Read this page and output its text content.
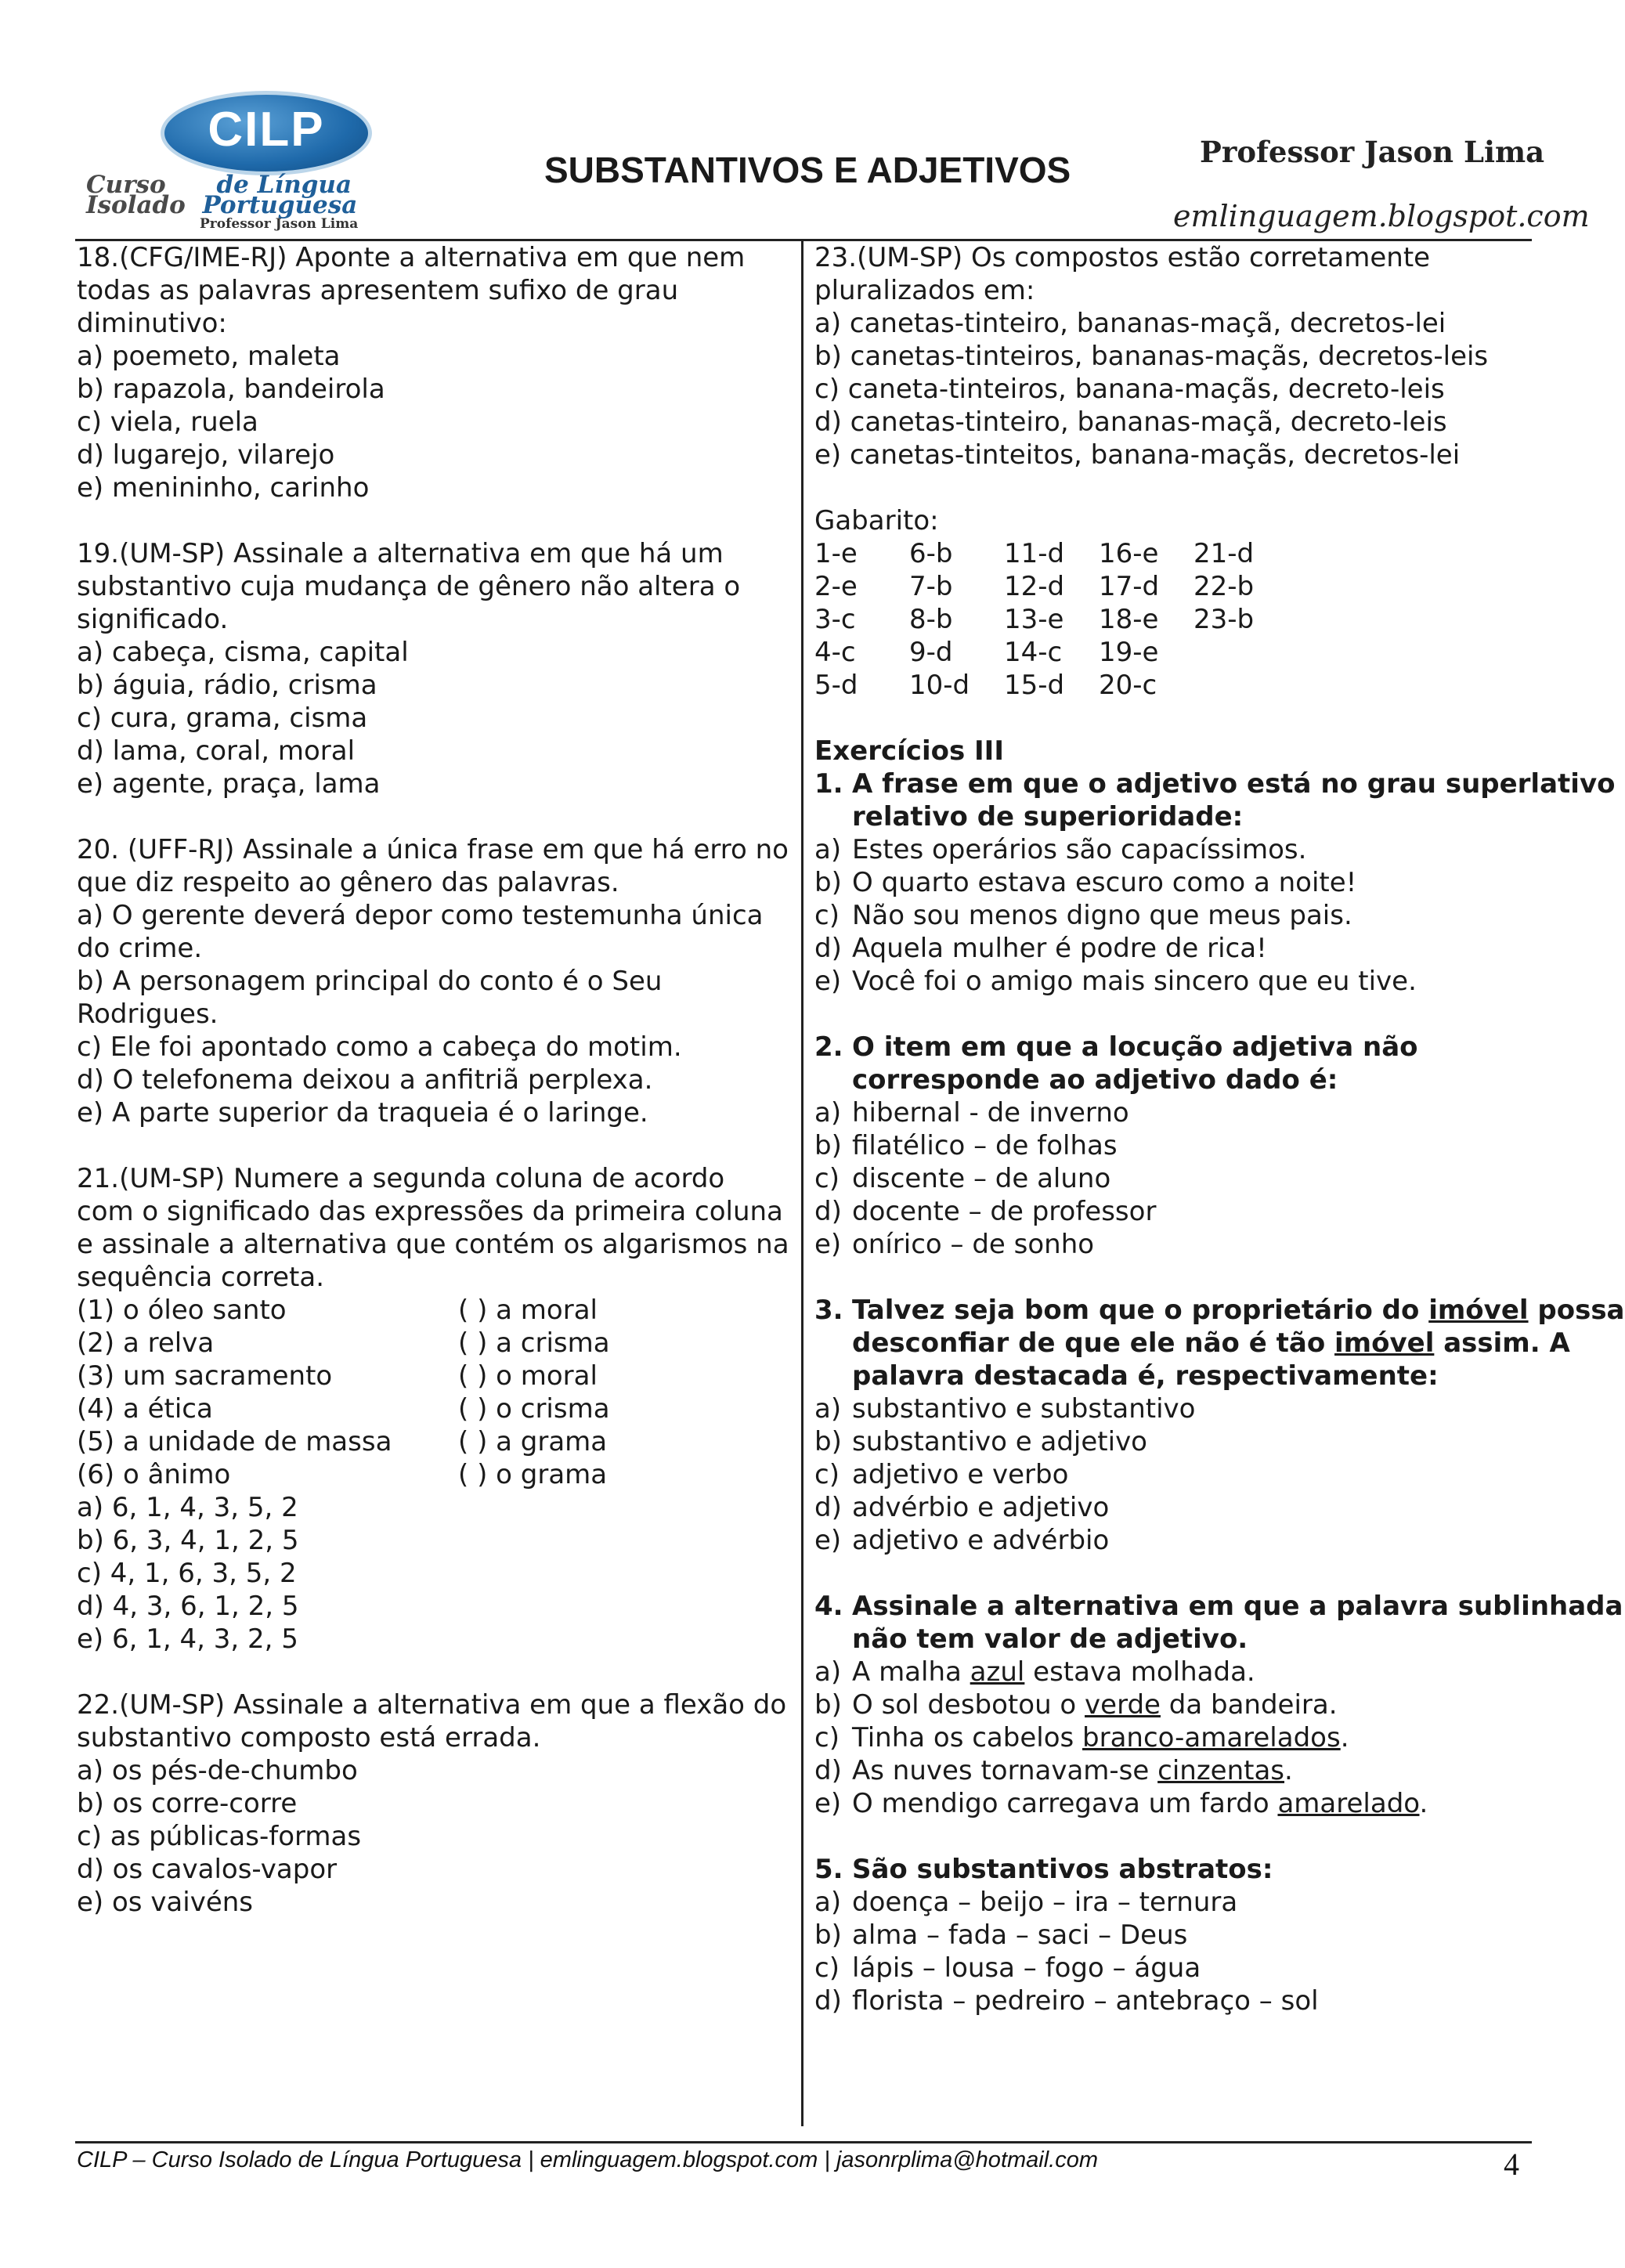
CILP
Curso de Língua
Isolado Portuguesa
Professor Jason Lima
SUBSTANTIVOS E ADJETIVOS	Professor Jason Lima
emlinguagem.blogspot.com
18.(CFG/IME-RJ) Aponte a alternativa em que nem
todas as palavras apresentem sufixo de grau
diminutivo:
a) poemeto, maleta
b) rapazola, bandeirola
c) viela, ruela
d) lugarejo, vilarejo
e) menininho, carinho
19.(UM-SP) Assinale a alternativa em que há um
substantivo cuja mudança de gênero não altera o
significado.
a) cabeça, cisma, capital
b) águia, rádio, crisma
c) cura, grama, cisma
d) lama, coral, moral
e) agente, praça, lama
20. (UFF-RJ) Assinale a única frase em que há erro no
que diz respeito ao gênero das palavras.
a) O gerente deverá depor como testemunha única
do crime.
b) A personagem principal do conto é o Seu
Rodrigues.
c) Ele foi apontado como a cabeça do motim.
d) O telefonema deixou a anfitriã perplexa.
e) A parte superior da traqueia é o laringe.
21.(UM-SP) Numere a segunda coluna de acordo
com o significado das expressões da primeira coluna
e assinale a alternativa que contém os algarismos na
sequência correta.
(1) o óleo santo	( ) a moral
(2) a relva	( ) a crisma
(3) um sacramento	( ) o moral
(4) a ética	( ) o crisma
(5) a unidade de massa	( ) a grama
(6) o ânimo	( ) o grama
a) 6, 1, 4, 3, 5, 2
b) 6, 3, 4, 1, 2, 5
c) 4, 1, 6, 3, 5, 2
d) 4, 3, 6, 1, 2, 5
e) 6, 1, 4, 3, 2, 5
22.(UM-SP) Assinale a alternativa em que a flexão do
substantivo composto está errada.
a) os pés-de-chumbo
b) os corre-corre
c) as públicas-formas
d) os cavalos-vapor
e) os vaivéns
23.(UM-SP) Os compostos estão corretamente
pluralizados em:
a) canetas-tinteiro, bananas-maçã, decretos-lei
b) canetas-tinteiros, bananas-maçãs, decretos-leis
c) caneta-tinteiros, banana-maçãs, decreto-leis
d) canetas-tinteiro, bananas-maçã, decreto-leis
e) canetas-tinteitos, banana-maçãs, decretos-lei
Gabarito:
1-e	6-b	11-d	16-e	21-d
2-e	7-b	12-d	17-d	22-b
3-c	8-b	13-e	18-e	23-b
4-c	9-d	14-c	19-e
5-d	10-d	15-d	20-c
Exercícios III
1. A frase em que o adjetivo está no grau superlativo
relativo de superioridade:
a) Estes operários são capacíssimos.
b) O quarto estava escuro como a noite!
c) Não sou menos digno que meus pais.
d) Aquela mulher é podre de rica!
e) Você foi o amigo mais sincero que eu tive.
2. O item em que a locução adjetiva não
corresponde ao adjetivo dado é:
a) hibernal - de inverno
b) filatélico – de folhas
c) discente – de aluno
d) docente – de professor
e) onírico – de sonho
3. Talvez seja bom que o proprietário do imóvel possa
desconfiar de que ele não é tão imóvel assim. A
palavra destacada é, respectivamente:
a) substantivo e substantivo
b) substantivo e adjetivo
c) adjetivo e verbo
d) advérbio e adjetivo
e) adjetivo e advérbio
4. Assinale a alternativa em que a palavra sublinhada
não tem valor de adjetivo.
a) A malha azul estava molhada.
b) O sol desbotou o verde da bandeira.
c) Tinha os cabelos branco-amarelados.
d) As nuves tornavam-se cinzentas.
e) O mendigo carregava um fardo amarelado.
5. São substantivos abstratos:
a) doença – beijo – ira – ternura
b) alma – fada – saci – Deus
c) lápis – lousa – fogo – água
d) florista – pedreiro – antebraço – sol
CILP – Curso Isolado de Língua Portuguesa | emlinguagem.blogspot.com | jasonrplima@hotmail.com	4
